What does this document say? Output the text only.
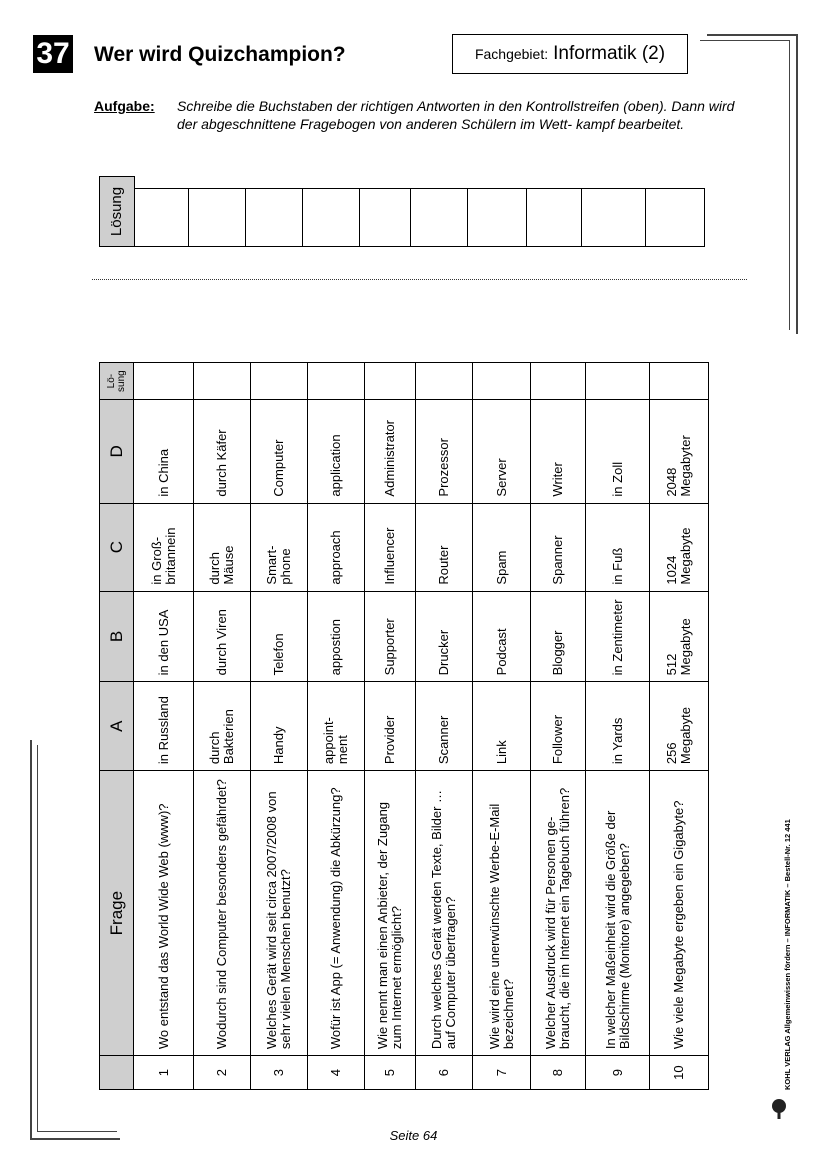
37 Wer wird Quizchampion?	Fachgebiet: Informatik (2)
Aufgabe: Schreibe die Buchstaben der richtigen Antworten in den Kontrollstreifen (oben). Dann wird der abgeschnittene Fragebogen von anderen Schülern im Wett- kampf bearbeitet.
Lösung

	Frage	A	B	C	D	Lö-sung
1	Wo entstand das World Wide Web (www)?	in Russland	in den USA	in Groß-britannein	in China	
2	Wodurch sind Computer besonders gefährdet?	durch Bakterien	durch Viren	durch Mäuse	durch Käfer	
3	Welches Gerät wird seit circa 2007/2008 von sehr vielen Menschen benutzt?	Handy	Telefon	Smart-phone	Computer	
4	Wofür ist App (= Anwendung) die Abkürzung?	appoint-ment	appostion	approach	application	
5	Wie nennt man einen Anbieter, der Zugang zum Internet ermöglicht?	Provider	Supporter	Influencer	Administrator	
6	Durch welches Gerät werden Texte, Bilder … auf Computer übertragen?	Scanner	Drucker	Router	Prozessor	
7	Wie wird eine unerwünschte Werbe-E-Mail bezeichnet?	Link	Podcast	Spam	Server	
8	Welcher Ausdruck wird für Personen ge-braucht, die im Internet ein Tagebuch führen?	Follower	Blogger	Spanner	Writer	
9	In welcher Maßeinheit wird die Größe der Bildschirme (Monitore) angegeben?	in Yards	in Zentimeter	in Fuß	in Zoll	
10	Wie viele Megabyte ergeben ein Gigabyte?	256 Megabyte	512 Megabyte	1024 Megabyte	2048 Megabyter	
KOHL VERLAG Allgemeinwissen fördern – INFORMATIK – Bestell-Nr. 12 441
Seite 64
